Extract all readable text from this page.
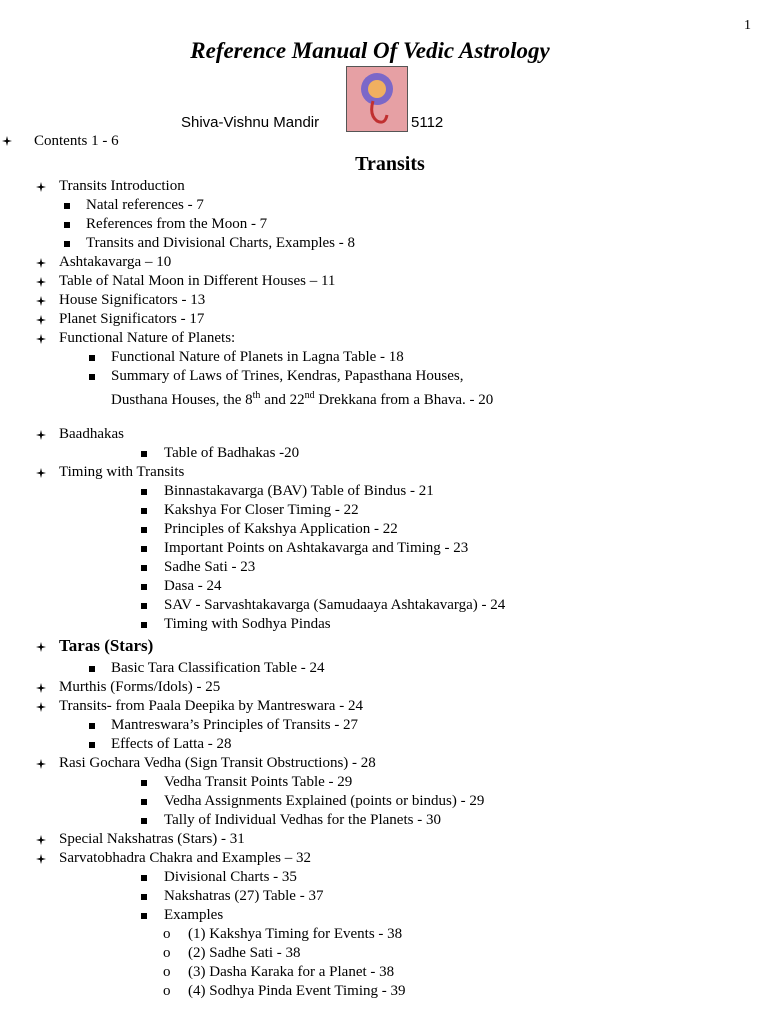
1
Reference Manual Of Vedic Astrology
Shiva-Vishnu Mandir	5112
Contents 1 - 6
Transits
Transits Introduction
Natal references - 7
References from the Moon - 7
Transits and Divisional Charts, Examples - 8
Ashtakavarga – 10
Table of Natal Moon in Different Houses – 11
House Significators - 13
Planet Significators - 17
Functional Nature of Planets:
Functional Nature of Planets in Lagna Table - 18
Summary of Laws of Trines, Kendras, Papasthana Houses,
Dusthana Houses, the 8th and 22nd Drekkana from a Bhava. - 20
Baadhakas
Table of Badhakas -20
Timing with Transits
Binnastakavarga (BAV) Table of Bindus - 21
Kakshya For Closer Timing - 22
Principles of Kakshya Application - 22
Important Points on Ashtakavarga and Timing - 23
Sadhe Sati - 23
Dasa - 24
SAV - Sarvashtakavarga (Samudaaya Ashtakavarga) - 24
Timing with Sodhya Pindas
Taras (Stars)
Basic Tara Classification Table - 24
Murthis (Forms/Idols) - 25
Transits- from Paala Deepika by Mantreswara - 24
Mantreswara’s Principles of Transits - 27
Effects of Latta - 28
Rasi Gochara Vedha (Sign Transit Obstructions) - 28
Vedha Transit Points Table - 29
Vedha Assignments Explained (points or bindus) - 29
Tally of Individual Vedhas for the Planets - 30
Special Nakshatras (Stars) - 31
Sarvatobhadra Chakra and Examples – 32
Divisional Charts - 35
Nakshatras (27) Table - 37
Examples
o (1) Kakshya Timing for Events - 38
o (2) Sadhe Sati - 38
o (3) Dasha Karaka for a Planet - 38
o (4) Sodhya Pinda Event Timing - 39
